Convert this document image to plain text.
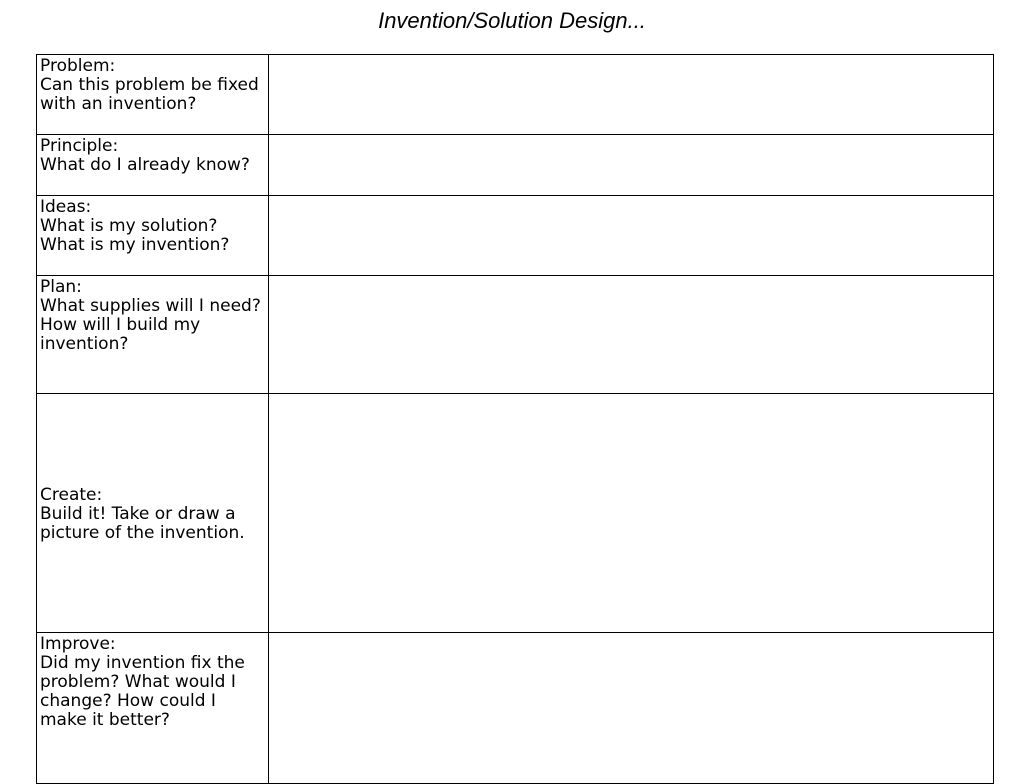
Invention/Solution Design...
Problem:
Can this problem be fixed with an invention?	

Principle:
What do I already know?	

Ideas:
What is my solution? What is my invention?	

Plan:
What supplies will I need? How will I build my invention?	

Create:
Build it! Take or draw a picture of the invention.	

Improve:
Did my invention fix the problem? What would I change? How could I make it better?	
